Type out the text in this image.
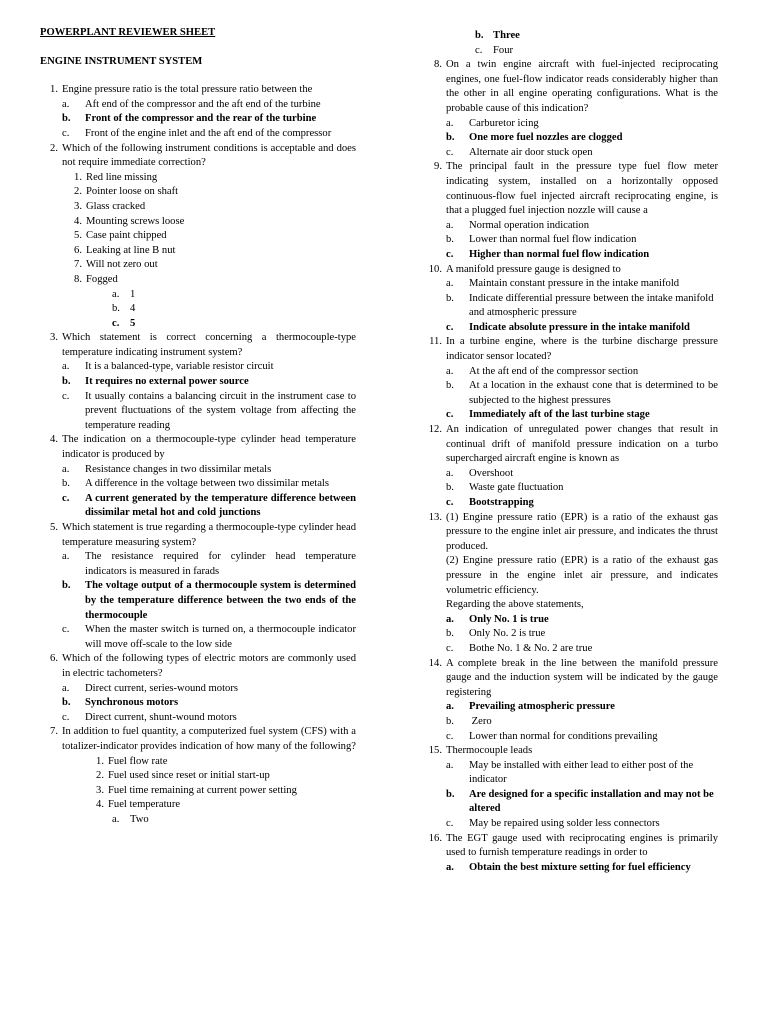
POWERPLANT REVIEWER SHEET
ENGINE INSTRUMENT SYSTEM
1. Engine pressure ratio is the total pressure ratio between the
a. Aft end of the compressor and the aft end of the turbine
b. Front of the compressor and the rear of the turbine
c. Front of the engine inlet and the aft end of the compressor
2. Which of the following instrument conditions is acceptable and does not require immediate correction?
1. Red line missing
2. Pointer loose on shaft
3. Glass cracked
4. Mounting screws loose
5. Case paint chipped
6. Leaking at line B nut
7. Will not zero out
8. Fogged
a. 1
b. 4
c. 5
3. Which statement is correct concerning a thermocouple-type temperature indicating instrument system?
a. It is a balanced-type, variable resistor circuit
b. It requires no external power source
c. It usually contains a balancing circuit in the instrument case to prevent fluctuations of the system voltage from affecting the temperature reading
4. The indication on a thermocouple-type cylinder head temperature indicator is produced by
a. Resistance changes in two dissimilar metals
b. A difference in the voltage between two dissimilar metals
c. A current generated by the temperature difference between dissimilar metal hot and cold junctions
5. Which statement is true regarding a thermocouple-type cylinder head temperature measuring system?
a. The resistance required for cylinder head temperature indicators is measured in farads
b. The voltage output of a thermocouple system is determined by the temperature difference between the two ends of the thermocouple
c. When the master switch is turned on, a thermocouple indicator will move off-scale to the low side
6. Which of the following types of electric motors are commonly used in electric tachometers?
a. Direct current, series-wound motors
b. Synchronous motors
c. Direct current, shunt-wound motors
7. In addition to fuel quantity, a computerized fuel system (CFS) with a totalizer-indicator provides indication of how many of the following?
1. Fuel flow rate
2. Fuel used since reset or initial start-up
3. Fuel time remaining at current power setting
4. Fuel temperature
a. Two
b. Three
c. Four
8. On a twin engine aircraft with fuel-injected reciprocating engines, one fuel-flow indicator reads considerably higher than the other in all engine operating configurations. What is the probable cause of this indication?
a. Carburetor icing
b. One more fuel nozzles are clogged
c. Alternate air door stuck open
9. The principal fault in the pressure type fuel flow meter indicating system, installed on a horizontally opposed continuous-flow fuel injected aircraft reciprocating engine, is that a plugged fuel injection nozzle will cause a
a. Normal operation indication
b. Lower than normal fuel flow indication
c. Higher than normal fuel flow indication
10. A manifold pressure gauge is designed to
a. Maintain constant pressure in the intake manifold
b. Indicate differential pressure between the intake manifold and atmospheric pressure
c. Indicate absolute pressure in the intake manifold
11. In a turbine engine, where is the turbine discharge pressure indicator sensor located?
a. At the aft end of the compressor section
b. At a location in the exhaust cone that is determined to be subjected to the highest pressures
c. Immediately aft of the last turbine stage
12. An indication of unregulated power changes that result in continual drift of manifold pressure indication on a turbo supercharged aircraft engine is known as
a. Overshoot
b. Waste gate fluctuation
c. Bootstrapping
13. (1) Engine pressure ratio (EPR) is a ratio of the exhaust gas pressure to the engine inlet air pressure, and indicates the thrust produced.
(2) Engine pressure ratio (EPR) is a ratio of the exhaust gas pressure in the engine inlet air pressure, and indicates volumetric efficiency.
Regarding the above statements,
a. Only No. 1 is true
b. Only No. 2 is true
c. Bothe No. 1 & No. 2 are true
14. A complete break in the line between the manifold pressure gauge and the induction system will be indicated by the gauge registering
a. Prevailing atmospheric pressure
b. Zero
c. Lower than normal for conditions prevailing
15. Thermocouple leads
a. May be installed with either lead to either post of the indicator
b. Are designed for a specific installation and may not be altered
c. May be repaired using solder less connectors
16. The EGT gauge used with reciprocating engines is primarily used to furnish temperature readings in order to
a. Obtain the best mixture setting for fuel efficiency
